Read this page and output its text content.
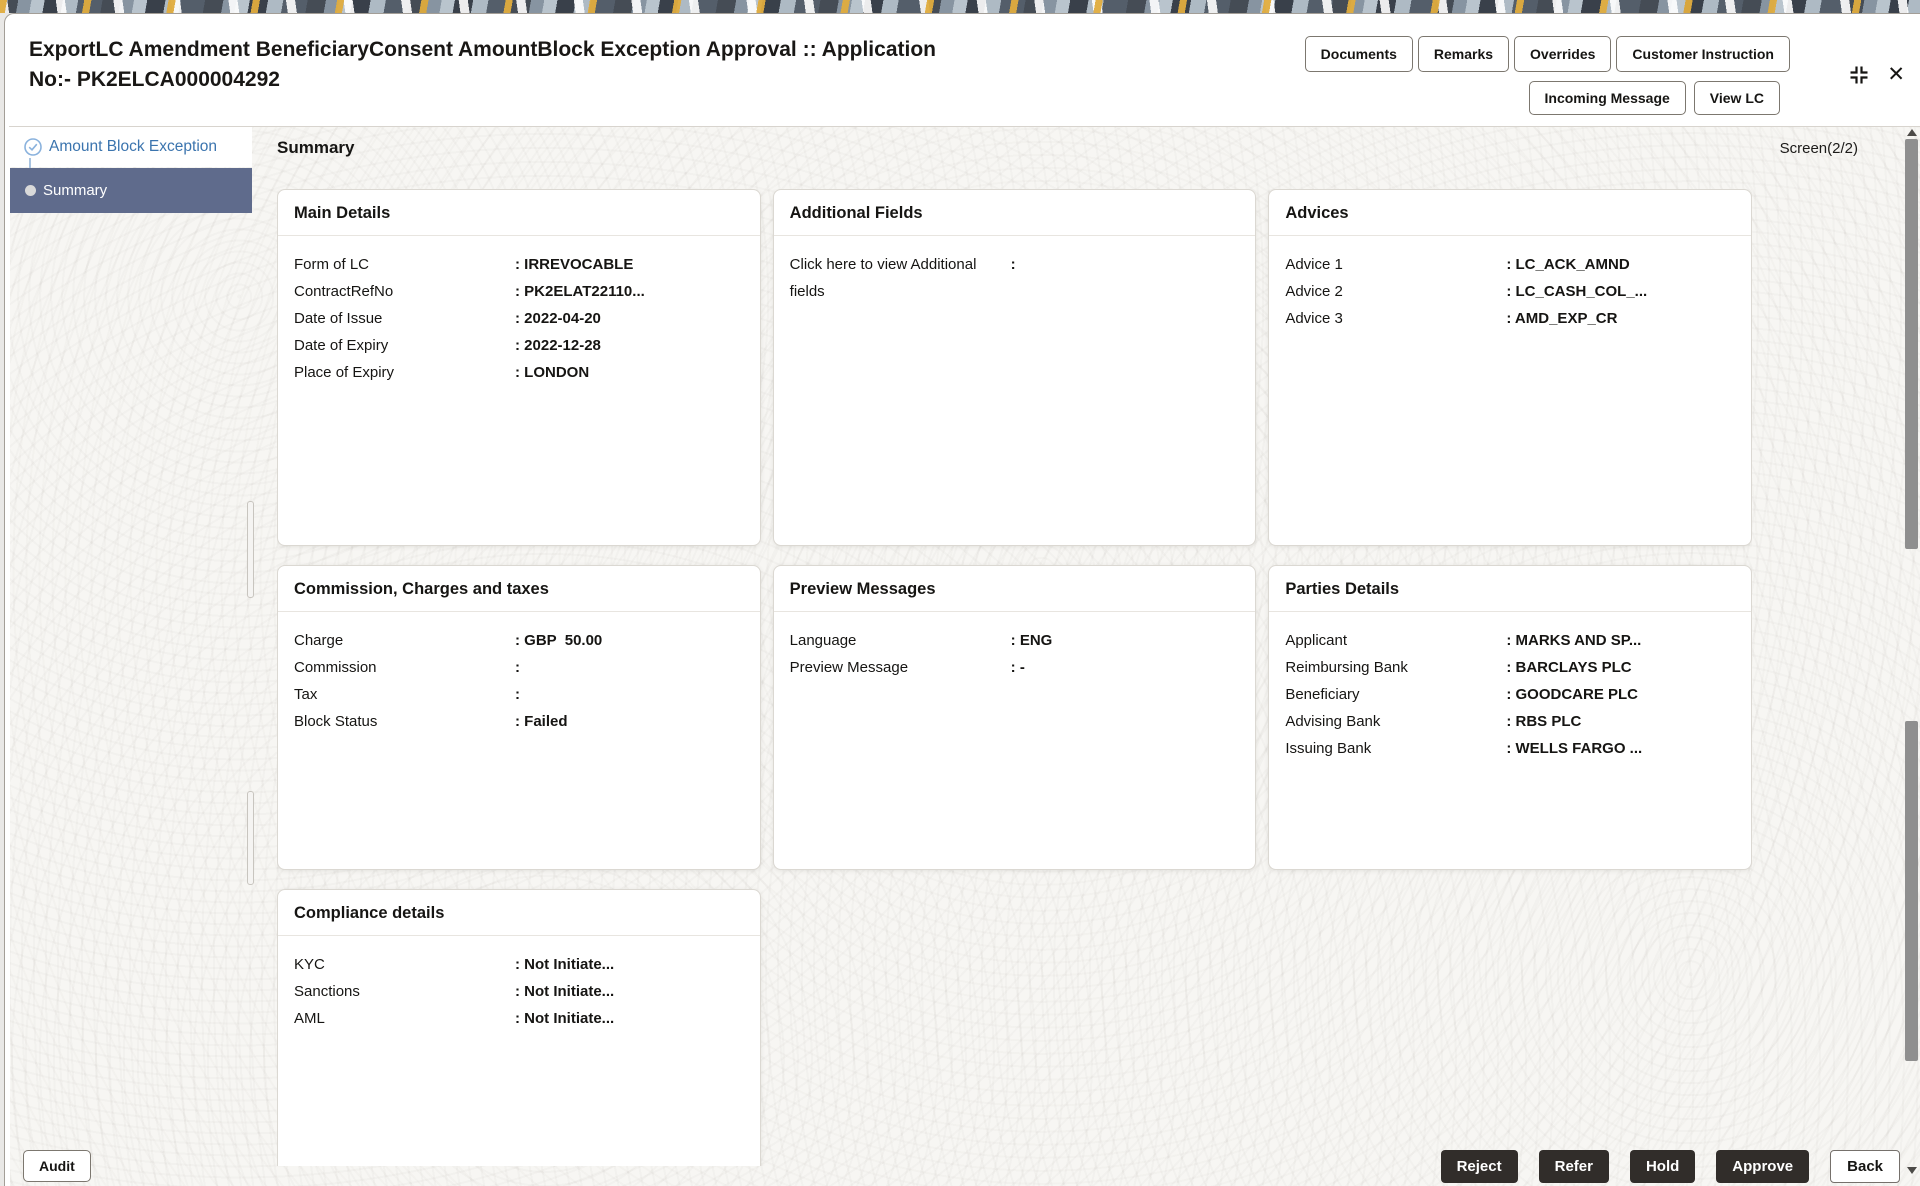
ExportLC Amendment BeneficiaryConsent AmountBlock Exception Approval :: Application
No:- PK2ELCA000004292
Documents	Remarks	Overrides	Customer Instruction
Incoming Message	View LC
✕
Amount Block Exception
Summary
Summary	Screen(2/2)
Main Details
Form of LC	: IRREVOCABLE
ContractRefNo	: PK2ELAT22110...
Date of Issue	: 2022-04-20
Date of Expiry	: 2022-12-28
Place of Expiry	: LONDON
Additional Fields
Click here to view Additional fields
:
Advices
Advice 1	: LC_ACK_AMND
Advice 2	: LC_CASH_COL_...
Advice 3	: AMD_EXP_CR
Commission, Charges and taxes
Charge	: GBP  50.00
Commission	:
Tax	:
Block Status	: Failed
Preview Messages
Language	: ENG
Preview Message	: -
Parties Details
Applicant	: MARKS AND SP...
Reimbursing Bank	: BARCLAYS PLC
Beneficiary	: GOODCARE PLC
Advising Bank	: RBS PLC
Issuing Bank	: WELLS FARGO ...
Compliance details
KYC	: Not Initiate...
Sanctions	: Not Initiate...
AML	: Not Initiate...
Audit	Reject	Refer	Hold	Approve	Back
